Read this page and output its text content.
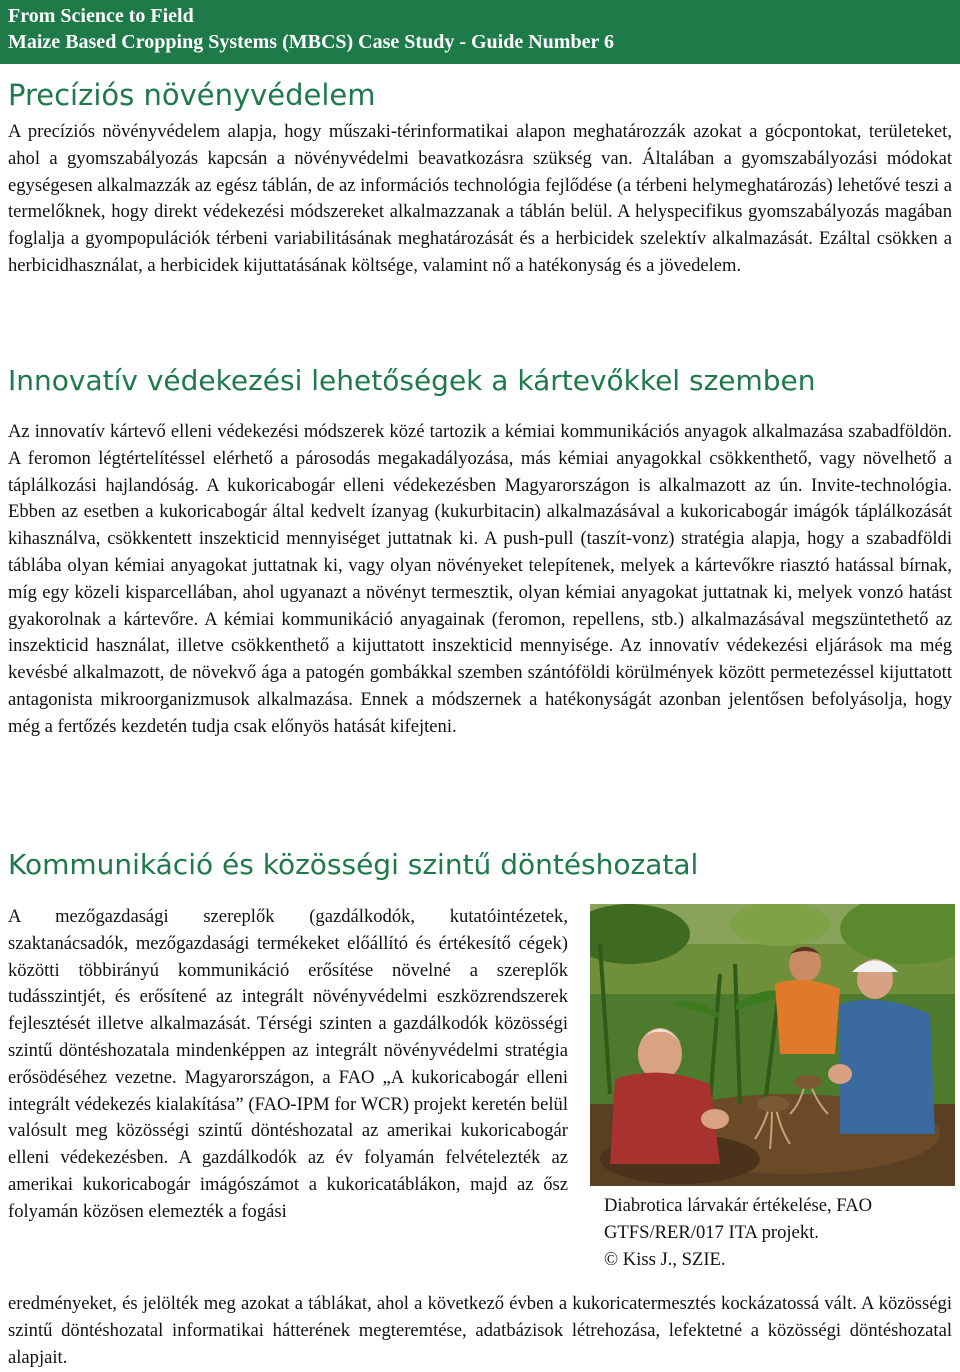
From Science to Field
Maize Based Cropping Systems (MBCS) Case Study - Guide Number 6
Precíziós növényvédelem

A precíziós növényvédelem alapja, hogy műszaki-térinformatikai alapon meghatározzák azokat a gócpontokat, területeket, ahol a gyomszabályozás kapcsán a növényvédelmi beavatkozásra szükség van. Általában a gyomszabályozási módokat egységesen alkalmazzák az egész táblán, de az információs technológia fejlődése (a térbeni helymeghatározás) lehetővé teszi a termelőknek, hogy direkt védekezési módszereket alkalmazzanak a táblán belül. A helyspecifikus gyomszabályozás magában foglalja a gyompopulációk térbeni variabilitásának meghatározását és a herbicidek szelektív alkalmazását. Ezáltal csökken a herbicidhasználat, a herbicidek kijuttatásának költsége, valamint nő a hatékonyság és a jövedelem.

Innovatív védekezési lehetőségek a kártevőkkel szemben

Az innovatív kártevő elleni védekezési módszerek közé tartozik a kémiai kommunikációs anyagok alkalmazása szabadföldön. A feromon légtértelítéssel elérhető a párosodás megakadályozása, más kémiai anyagokkal csökkenthető, vagy növelhető a táplálkozási hajlandóság. A kukoricabogár elleni védekezésben Magyarországon is alkalmazott az ún. Invite-technológia. Ebben az esetben a kukoricabogár által kedvelt ízanyag (kukurbitacin) alkalmazásával a kukoricabogár imágók táplálkozását kihasználva, csökkentett inszekticid mennyiséget juttatnak ki. A push-pull (taszít-vonz) stratégia alapja, hogy a szabadföldi táblába olyan kémiai anyagokat juttatnak ki, vagy olyan növényeket telepítenek, melyek a kártevőkre riasztó hatással bírnak, míg egy közeli kisparcellában, ahol ugyanazt a növényt termesztik, olyan kémiai anyagokat juttatnak ki, melyek vonzó hatást gyakorolnak a kártevőre. A kémiai kommunikáció anyagainak (feromon, repellens, stb.) alkalmazásával megszüntethető az inszekticid használat, illetve csökkenthető a kijuttatott inszekticid mennyisége. Az innovatív védekezési eljárások ma még kevésbé alkalmazott, de növekvő ága a patogén gombákkal szemben szántóföldi körülmények között permetezéssel kijuttatott antagonista mikroorganizmusok alkalmazása. Ennek a módszernek a hatékonyságát azonban jelentősen befolyásolja, hogy még a fertőzés kezdetén tudja csak előnyös hatását kifejteni.

Kommunikáció és közösségi szintű döntéshozatal

A mezőgazdasági szereplők (gazdálkodók, kutatóintézetek, szaktanácsadók, mezőgazdasági termékeket előállító és értékesítő cégek) közötti többirányú kommunikáció erősítése növelné a szereplők tudásszintjét, és erősítené az integrált növényvédelmi eszközrendszerek fejlesztését illetve alkalmazását. Térségi szinten a gazdálkodók közösségi szintű döntéshozatala mindenképpen az integrált növényvédelmi stratégia erősödéséhez vezetne. Magyarországon, a FAO „A kukoricabogár elleni integrált védekezés kialakítása” (FAO-IPM for WCR) projekt keretén belül valósult meg közösségi szintű döntéshozatal az amerikai kukoricabogár elleni védekezésben. A gazdálkodók az év folyamán felvételezték az amerikai kukoricabogár imágószámot a kukoricatáblákon, majd az ősz folyamán közösen elemezték a fogási	Diabrotica lárvakár értékelése, FAO
GTFS/RER/017 ITA projekt.
© Kiss J., SZIE.

eredményeket, és jelölték meg azokat a táblákat, ahol a következő évben a kukoricatermesztés kockázatossá vált. A közösségi szintű döntéshozatal informatikai hátterének megteremtése, adatbázisok létrehozása, lefektetné a közösségi döntéshozatal alapjait.
